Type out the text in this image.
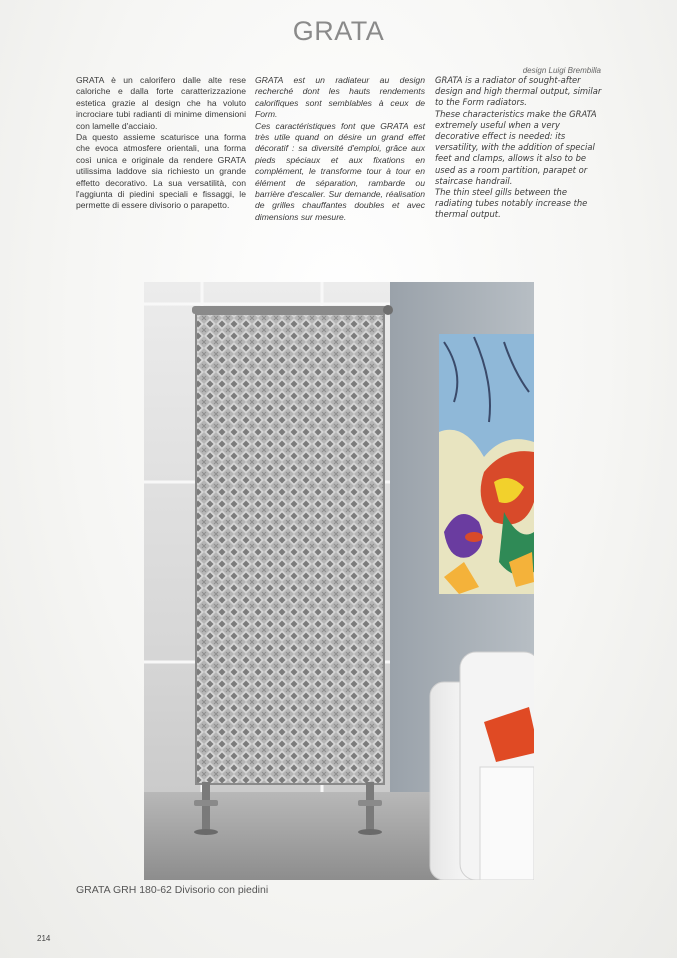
GRATA
design Luigi Brembilla

GRATA è un calorifero dalle alte rese caloriche e dalla forte caratterizzazione estetica grazie al design che ha voluto incrociare tubi radianti di minime dimensioni con lamelle d'acciaio.

Da questo assieme scaturisce una forma che evoca atmosfere orientali, una forma così unica e originale da rendere GRATA utilissima laddove sia richiesto un grande effetto decorativo. La sua versatilità, con l'aggiunta di piedini speciali e fissaggi, le permette di essere divisorio o parapetto.

GRATA est un radiateur au design recherché dont les hauts rendements calorifiques sont semblables à ceux de Form.

Ces caractéristiques font que GRATA est très utile quand on désire un grand effet décoratif : sa diversité d'emploi, grâce aux pieds spéciaux et aux fixations en complément, le transforme tour à tour en élément de séparation, rambarde ou barrière d'escalier. Sur demande, réalisation de grilles chauffantes doubles et avec dimensions sur mesure.

GRATA is a radiator of sought-after design and high thermal output, similar to the Form radiators.

These characteristics make the GRATA extremely useful when a very decorative effect is needed: its versatility, with the addition of special feet and clamps, allows it also to be used as a room partition, parapet or staircase handrail.

The thin steel gills between the radiating tubes notably increase the thermal output.

GRATA GRH 180-62 Divisorio con piedini
214
